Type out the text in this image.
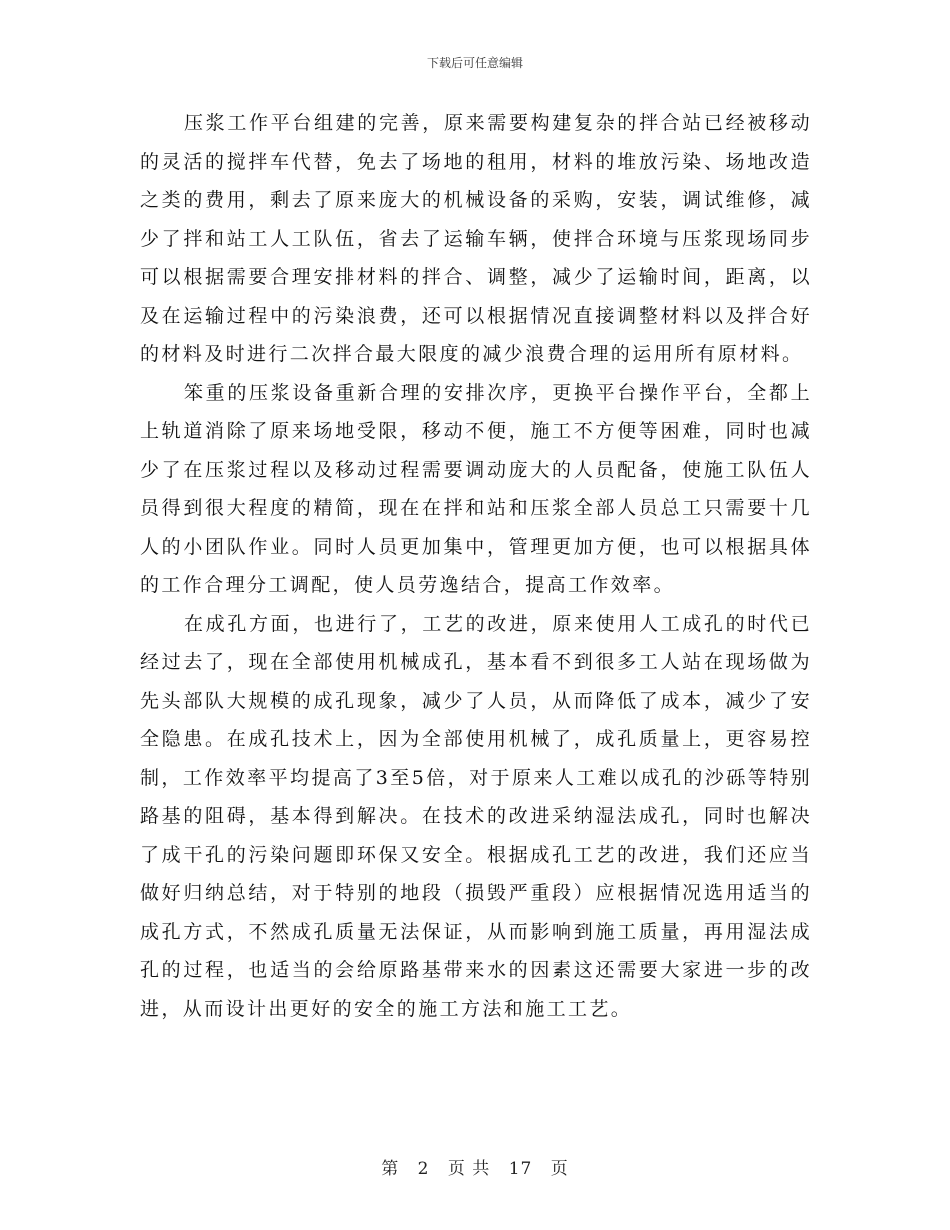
下载后可任意编辑

压浆工作平台组建的完善，原来需要构建复杂的拌合站已经被移动的灵活的搅拌车代替，免去了场地的租用，材料的堆放污染、场地改造之类的费用，剩去了原来庞大的机械设备的采购，安装，调试维修，减少了拌和站工人工队伍，省去了运输车辆，使拌合环境与压浆现场同步可以根据需要合理安排材料的拌合、调整，减少了运输时间，距离，以及在运输过程中的污染浪费，还可以根据情况直接调整材料以及拌合好的材料及时进行二次拌合最大限度的减少浪费合理的运用所有原材料。

笨重的压浆设备重新合理的安排次序，更换平台操作平台，全都上上轨道消除了原来场地受限，移动不便，施工不方便等困难，同时也减少了在压浆过程以及移动过程需要调动庞大的人员配备，使施工队伍人员得到很大程度的精简，现在在拌和站和压浆全部人员总工只需要十几人的小团队作业。同时人员更加集中，管理更加方便，也可以根据具体的工作合理分工调配，使人员劳逸结合，提高工作效率。

在成孔方面，也进行了，工艺的改进，原来使用人工成孔的时代已经过去了，现在全部使用机械成孔，基本看不到很多工人站在现场做为先头部队大规模的成孔现象，减少了人员，从而降低了成本，减少了安全隐患。在成孔技术上，因为全部使用机械了，成孔质量上，更容易控制，工作效率平均提高了3至5倍，对于原来人工难以成孔的沙砾等特别路基的阻碍，基本得到解决。在技术的改进采纳湿法成孔，同时也解决了成干孔的污染问题即环保又安全。根据成孔工艺的改进，我们还应当做好归纳总结，对于特别的地段（损毁严重段）应根据情况选用适当的成孔方式，不然成孔质量无法保证，从而影响到施工质量，再用湿法成孔的过程，也适当的会给原路基带来水的因素这还需要大家进一步的改进，从而设计出更好的安全的施工方法和施工工艺。

第 2 页 共 17 页
